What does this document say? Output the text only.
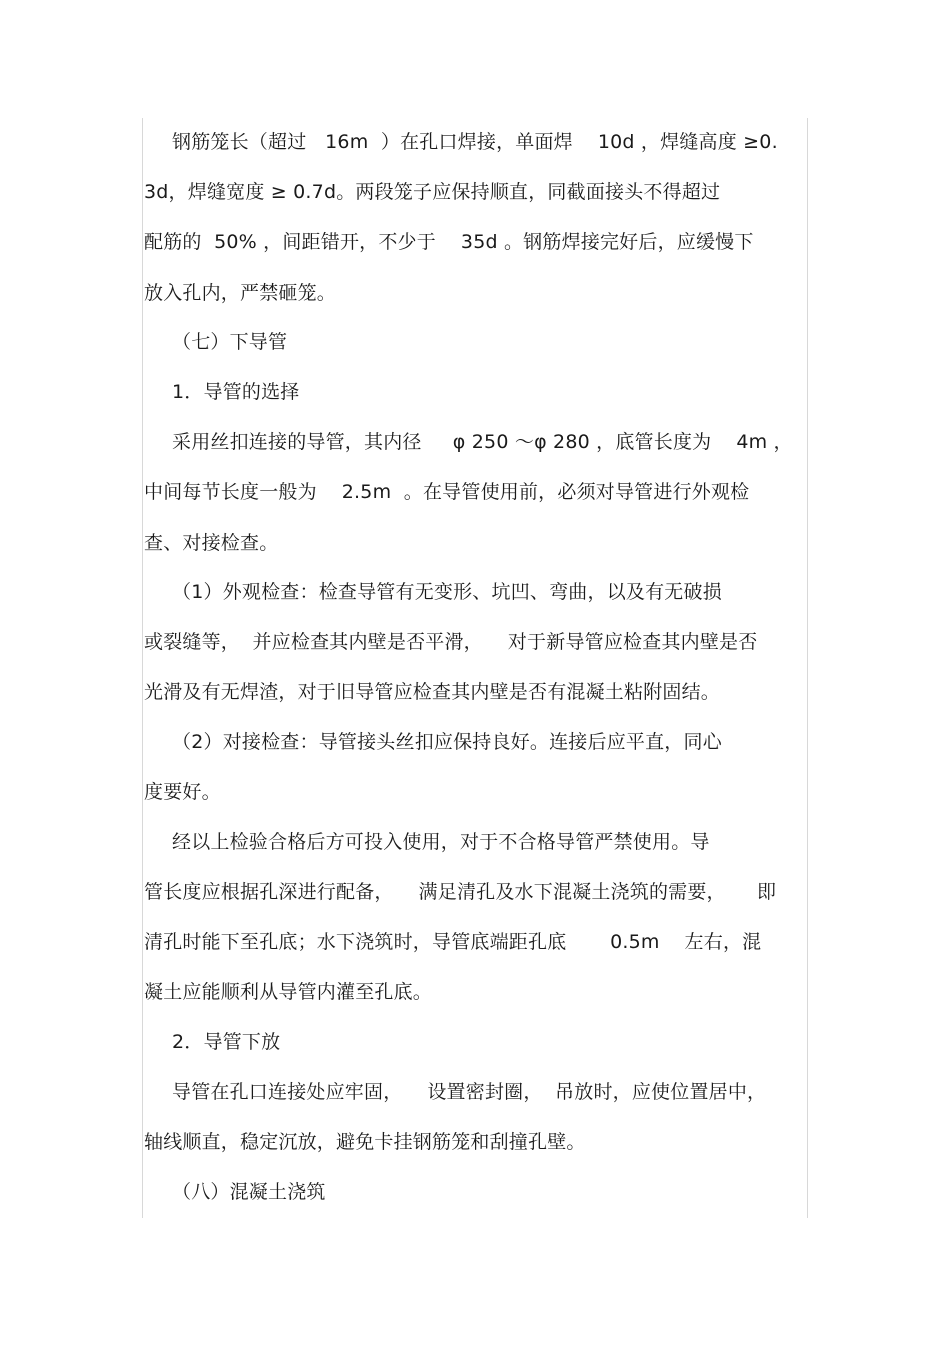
钢筋笼长（超过   16m  ）在孔口焊接，单面焊    10d ，焊缝高度 ≥0.
3d，焊缝宽度 ≥ 0.7d。两段笼子应保持顺直，同截面接头不得超过
配筋的  50% ，间距错开，不少于    35d 。钢筋焊接完好后，应缓慢下
放入孔内，严禁砸笼。
（七）下导管
1．导管的选择
采用丝扣连接的导管，其内径     φ 250 ～φ 280 ，底管长度为    4m ，
中间每节长度一般为    2.5m  。在导管使用前，必须对导管进行外观检
查、对接检查。
（1）外观检查：检查导管有无变形、坑凹、弯曲，以及有无破损
或裂缝等，  并应检查其内壁是否平滑，    对于新导管应检查其内壁是否
光滑及有无焊渣，对于旧导管应检查其内壁是否有混凝土粘附固结。
（2）对接检查：导管接头丝扣应保持良好。连接后应平直，同心
度要好。
经以上检验合格后方可投入使用，对于不合格导管严禁使用。导
管长度应根据孔深进行配备，    满足清孔及水下混凝土浇筑的需要，     即
清孔时能下至孔底；水下浇筑时，导管底端距孔底       0.5m    左右，混
凝土应能顺利从导管内灌至孔底。
2．导管下放
导管在孔口连接处应牢固，    设置密封圈，  吊放时，应使位置居中，
轴线顺直，稳定沉放，避免卡挂钢筋笼和刮撞孔壁。
（八）混凝土浇筑
